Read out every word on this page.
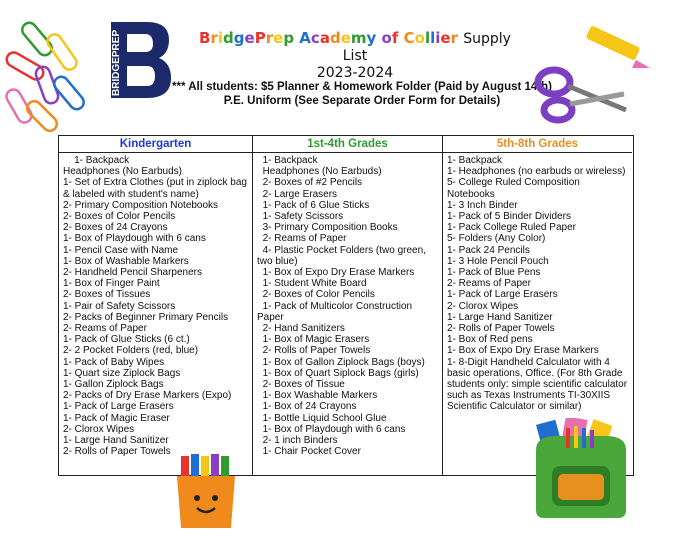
BRIDGEPREP	BridgePrep Academy of Collier Supply List
2023-2024
*** All students: $5 Planner & Homework Folder (Paid by August 14th)
P.E. Uniform (See Separate Order Form for Details)
Kindergarten
1- Backpack
Headphones (No Earbuds)
1- Set of Extra Clothes (put in ziplock bag & labeled with student's name)
2- Primary Composition Notebooks
2- Boxes of Color Pencils
2- Boxes of 24 Crayons
1- Box of Playdough with 6 cans
1- Pencil Case with Name
1- Box of Washable Markers
2- Handheld Pencil Sharpeners
1- Box of Finger Paint
2- Boxes of Tissues
1- Pair of Safety Scissors
2- Packs of Beginner Primary Pencils
2- Reams of Paper
1- Pack of Glue Sticks (6 ct.)
2- 2 Pocket Folders (red, blue)
1- Pack of Baby Wipes
1- Quart size Ziplock Bags
1- Gallon Ziplock Bags
2- Packs of Dry Erase Markers (Expo)
1- Pack of Large Erasers
1- Pack of Magic Eraser
2- Clorox Wipes
1- Large Hand Sanitizer
2- Rolls of Paper Towels
1st-4th Grades
1- Backpack
Headphones (No Earbuds)
2- Boxes of #2 Pencils
2- Large Erasers
1- Pack of 6 Glue Sticks
1- Safety Scissors
3- Primary Composition Books
2- Reams of Paper
4- Plastic Pocket Folders (two green, two blue)
1- Box of Expo Dry Erase Markers
1- Student White Board
2- Boxes of Color Pencils
1- Pack of Multicolor Construction Paper
2- Hand Sanitizers
1- Box of Magic Erasers
2- Rolls of Paper Towels
1- Box of Gallon Ziplock Bags (boys)
1- Box of Quart Siplock Bags (girls)
2- Boxes of Tissue
1- Box Washable Markers
1- Box of 24 Crayons
1- Bottle Liquid School Glue
1- Box of Playdough with 6 cans
2- 1 inch Binders
1- Chair Pocket Cover
5th-8th Grades
1- Backpack
1- Headphones (no earbuds or wireless)
5- College Ruled Composition Notebooks
1- 3 Inch Binder
1- Pack of 5 Binder Dividers
1- Pack College Ruled Paper
5- Folders (Any Color)
1- Pack 24 Pencils
1- 3 Hole Pencil Pouch
1- Pack of Blue Pens
2- Reams of Paper
1- Pack of Large Erasers
2- Clorox Wipes
1- Large Hand Sanitizer
2- Rolls of Paper Towels
1- Box of Red pens
1- Box of Expo Dry Erase Markers
1- 8-Digit Handheld Calculator with 4 basic operations, Office. (For 8th Grade students only: simple scientific calculator such as Texas Instruments TI-30XIIS Scientific Calculator or similar)
